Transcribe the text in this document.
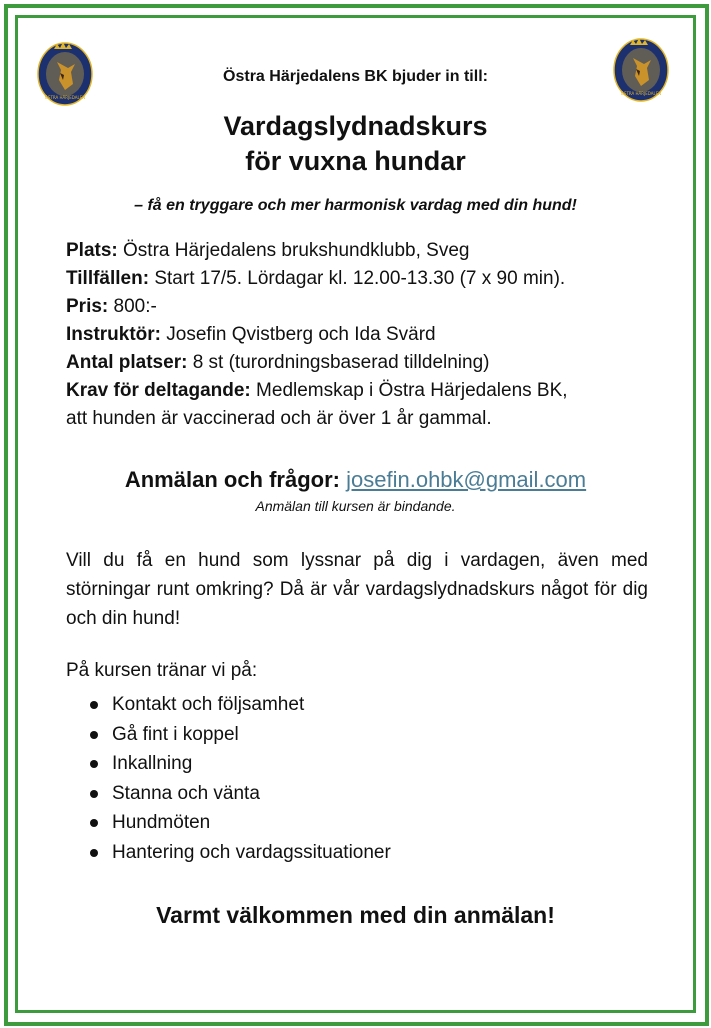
ÖSTRA HÄRJEDALEN
ÖSTRA HÄRJEDALEN
Östra Härjedalens BK bjuder in till:
Vardagslydnadskurs
för vuxna hundar
– få en tryggare och mer harmonisk vardag med din hund!
Plats: Östra Härjedalens brukshundklubb, Sveg
Tillfällen: Start 17/5. Lördagar kl. 12.00-13.30 (7 x 90 min).
Pris: 800:-
Instruktör: Josefin Qvistberg och Ida Svärd
Antal platser: 8 st (turordningsbaserad tilldelning)
Krav för deltagande: Medlemskap i Östra Härjedalens BK,
att hunden är vaccinerad och är över 1 år gammal.
Anmälan och frågor: josefin.ohbk@gmail.com
Anmälan till kursen är bindande.
Vill du få en hund som lyssnar på dig i vardagen, även med störningar runt omkring? Då är vår vardagslydnadskurs något för dig och din hund!
På kursen tränar vi på:
Kontakt och följsamhet
Gå fint i koppel
Inkallning
Stanna och vänta
Hundmöten
Hantering och vardagssituationer
Varmt välkommen med din anmälan!
